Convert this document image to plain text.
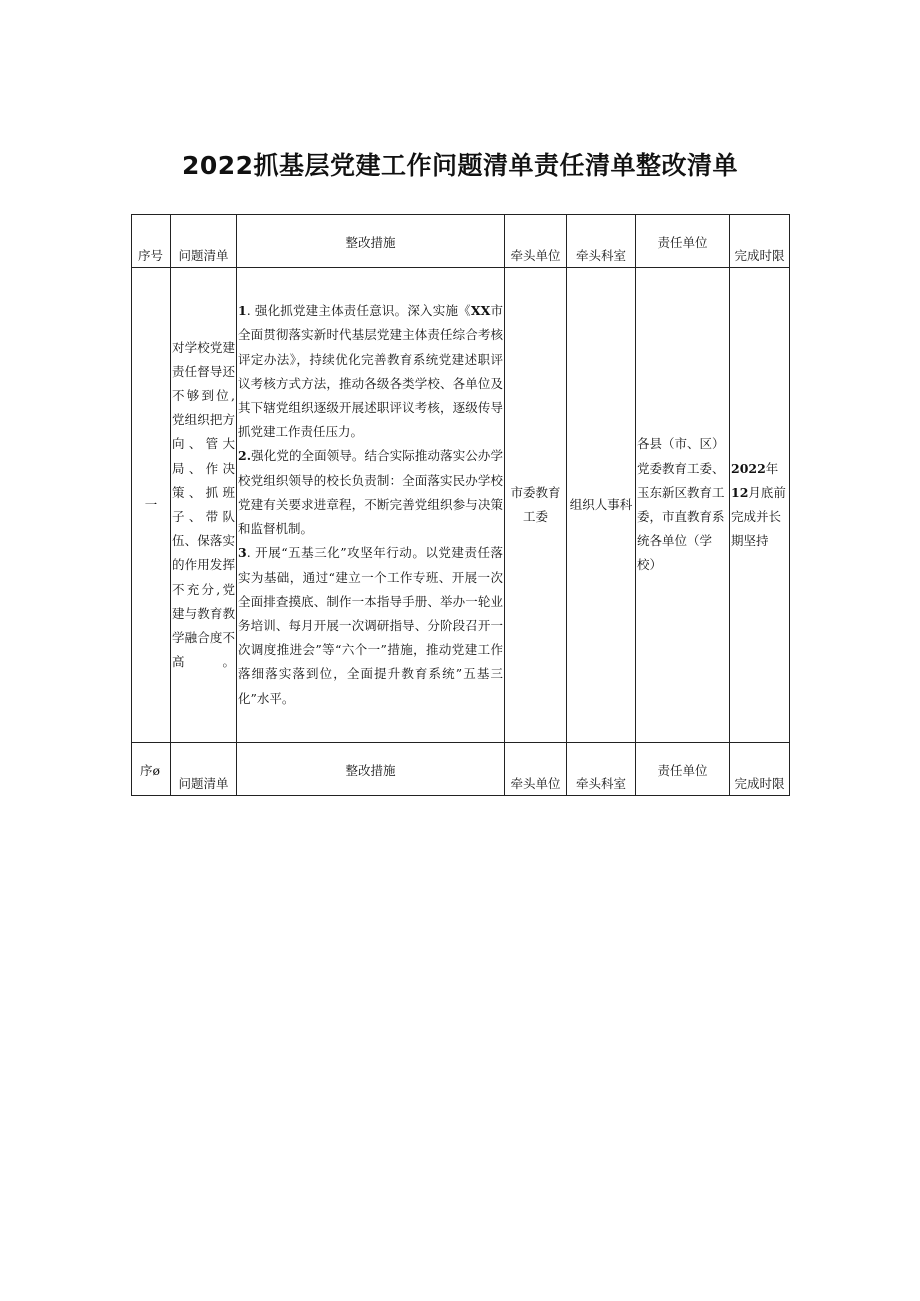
2022抓基层党建工作问题清单责任清单整改清单
序号	问题清单	整改措施	牵头单位	牵头科室	责任单位	完成时限

一	对学校党建责任督导还不够到位,党组织把方向、管大局、作决策、抓班子、带队伍、保落实的作用发挥不充分,党建与教育教学融合度不高。	1. 强化抓党建主体责任意识。深入实施《XX市全面贯彻落实新时代基层党建主体责任综合考核评定办法》，持续优化完善教育系统党建述职评议考核方式方法，推动各级各类学校、各单位及其下辖党组织逐级开展述职评议考核，逐级传导抓党建工作责任压力。
2.强化党的全面领导。结合实际推动落实公办学校党组织领导的校长负责制：全面落实民办学校党建有关要求进章程，不断完善党组织参与决策和监督机制。
3. 开展“五基三化”攻坚年行动。以党建责任落实为基础，通过“建立一个工作专班、开展一次全面排查摸底、制作一本指导手册、举办一轮业务培训、每月开展一次调研指导、分阶段召开一次调度推进会”等“六个一”措施，推动党建工作落细落实落到位，全面提升教育系统”五基三化”水平。	市委教育工委	组织人事科	各县（市、区）党委教育工委、玉东新区教育工委，市直教育系统各单位（学校）	2022年12月底前完成并长期坚持

序ø	问题清单	整改措施	牵头单位	牵头科室	责任单位	完成时限
